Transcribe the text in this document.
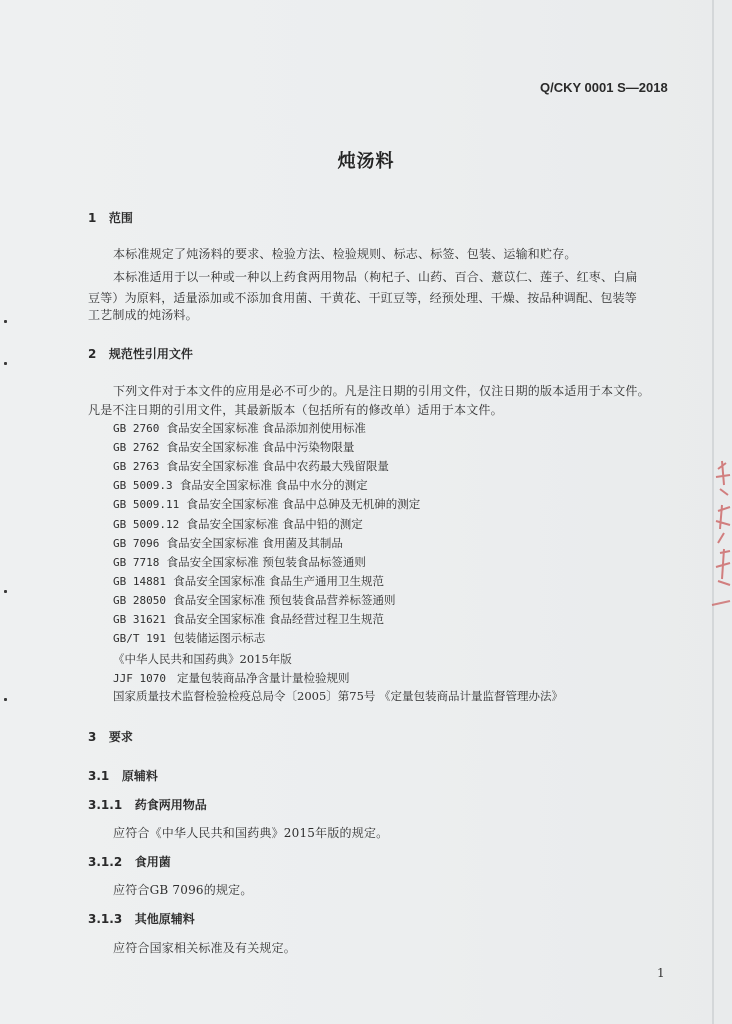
Q/CKY 0001 S—2018
炖汤料
1 范围
本标准规定了炖汤料的要求、检验方法、检验规则、标志、标签、包装、运输和贮存。
本标准适用于以一种或一种以上药食两用物品（枸杞子、山药、百合、薏苡仁、莲子、红枣、白扁
豆等）为原料，适量添加或不添加食用菌、干黄花、干豇豆等，经预处理、干燥、按品种调配、包装等
工艺制成的炖汤料。
2 规范性引用文件
下列文件对于本文件的应用是必不可少的。凡是注日期的引用文件，仅注日期的版本适用于本文件。
凡是不注日期的引用文件，其最新版本（包括所有的修改单）适用于本文件。
GB 2760 食品安全国家标准 食品添加剂使用标准
GB 2762 食品安全国家标准 食品中污染物限量
GB 2763 食品安全国家标准 食品中农药最大残留限量
GB 5009.3 食品安全国家标准 食品中水分的测定
GB 5009.11 食品安全国家标准 食品中总砷及无机砷的测定
GB 5009.12 食品安全国家标准 食品中铅的测定
GB 7096 食品安全国家标准 食用菌及其制品
GB 7718 食品安全国家标准 预包装食品标签通则
GB 14881 食品安全国家标准 食品生产通用卫生规范
GB 28050 食品安全国家标准 预包装食品营养标签通则
GB 31621 食品安全国家标准 食品经营过程卫生规范
GB/T 191 包装储运图示标志
《中华人民共和国药典》2015年版
JJF 1070 定量包装商品净含量计量检验规则
国家质量技术监督检验检疫总局令〔2005〕第75号 《定量包装商品计量监督管理办法》
3 要求
3.1 原辅料
3.1.1 药食两用物品
应符合《中华人民共和国药典》2015年版的规定。
3.1.2 食用菌
应符合GB 7096的规定。
3.1.3 其他原辅料
应符合国家相关标准及有关规定。
1
